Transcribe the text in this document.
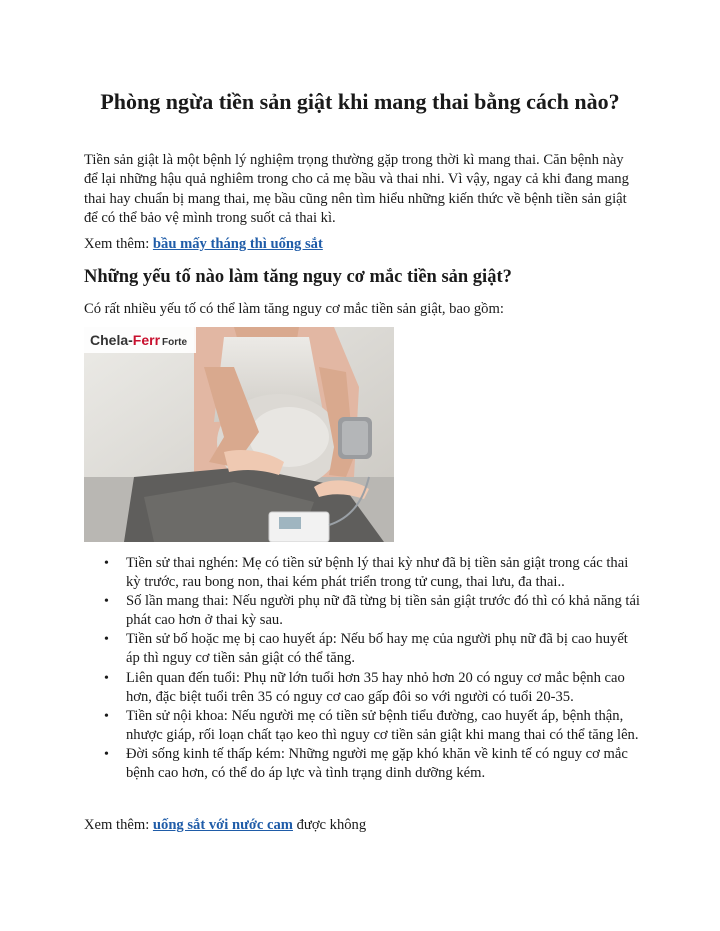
Phòng ngừa tiền sản giật khi mang thai bằng cách nào?

Tiền sản giật là một bệnh lý nghiệm trọng thường gặp trong thời kì mang thai. Căn bệnh này để lại những hậu quả nghiêm trong cho cả mẹ bầu và thai nhi. Vì vậy, ngay cả khi đang mang thai hay chuẩn bị mang thai, mẹ bầu cũng nên tìm hiểu những kiến thức về bệnh tiền sản giật để có thể bảo vệ mình trong suốt cả thai kì.

Xem thêm: bầu mấy tháng thì uống sắt

Những yếu tố nào làm tăng nguy cơ mắc tiền sản giật?

Có rất nhiều yếu tố có thể làm tăng nguy cơ mắc tiền sản giật, bao gồm:

Chela-Ferr Forte
• Tiền sử thai nghén: Mẹ có tiền sử bệnh lý thai kỳ như đã bị tiền sản giật trong các thai kỳ trước, rau bong non, thai kém phát triển trong tử cung, thai lưu, đa thai..
• Số lần mang thai: Nếu người phụ nữ đã từng bị tiền sản giật trước đó thì có khả năng tái phát cao hơn ở thai kỳ sau.
• Tiền sử bố hoặc mẹ bị cao huyết áp: Nếu bố hay mẹ của người phụ nữ đã bị cao huyết áp thì nguy cơ tiền sản giật có thể tăng.
• Liên quan đến tuổi: Phụ nữ lớn tuổi hơn 35 hay nhỏ hơn 20 có nguy cơ mắc bệnh cao hơn, đặc biệt tuổi trên 35 có nguy cơ cao gấp đôi so với người có tuổi 20-35.
• Tiền sử nội khoa: Nếu người mẹ có tiền sử bệnh tiểu đường, cao huyết áp, bệnh thận, nhược giáp, rối loạn chất tạo keo thì nguy cơ tiền sản giật khi mang thai có thể tăng lên.
• Đời sống kinh tế thấp kém: Những người mẹ gặp khó khăn về kinh tế có nguy cơ mắc bệnh cao hơn, có thể do áp lực và tình trạng dinh dưỡng kém.

Xem thêm: uống sắt với nước cam được không
